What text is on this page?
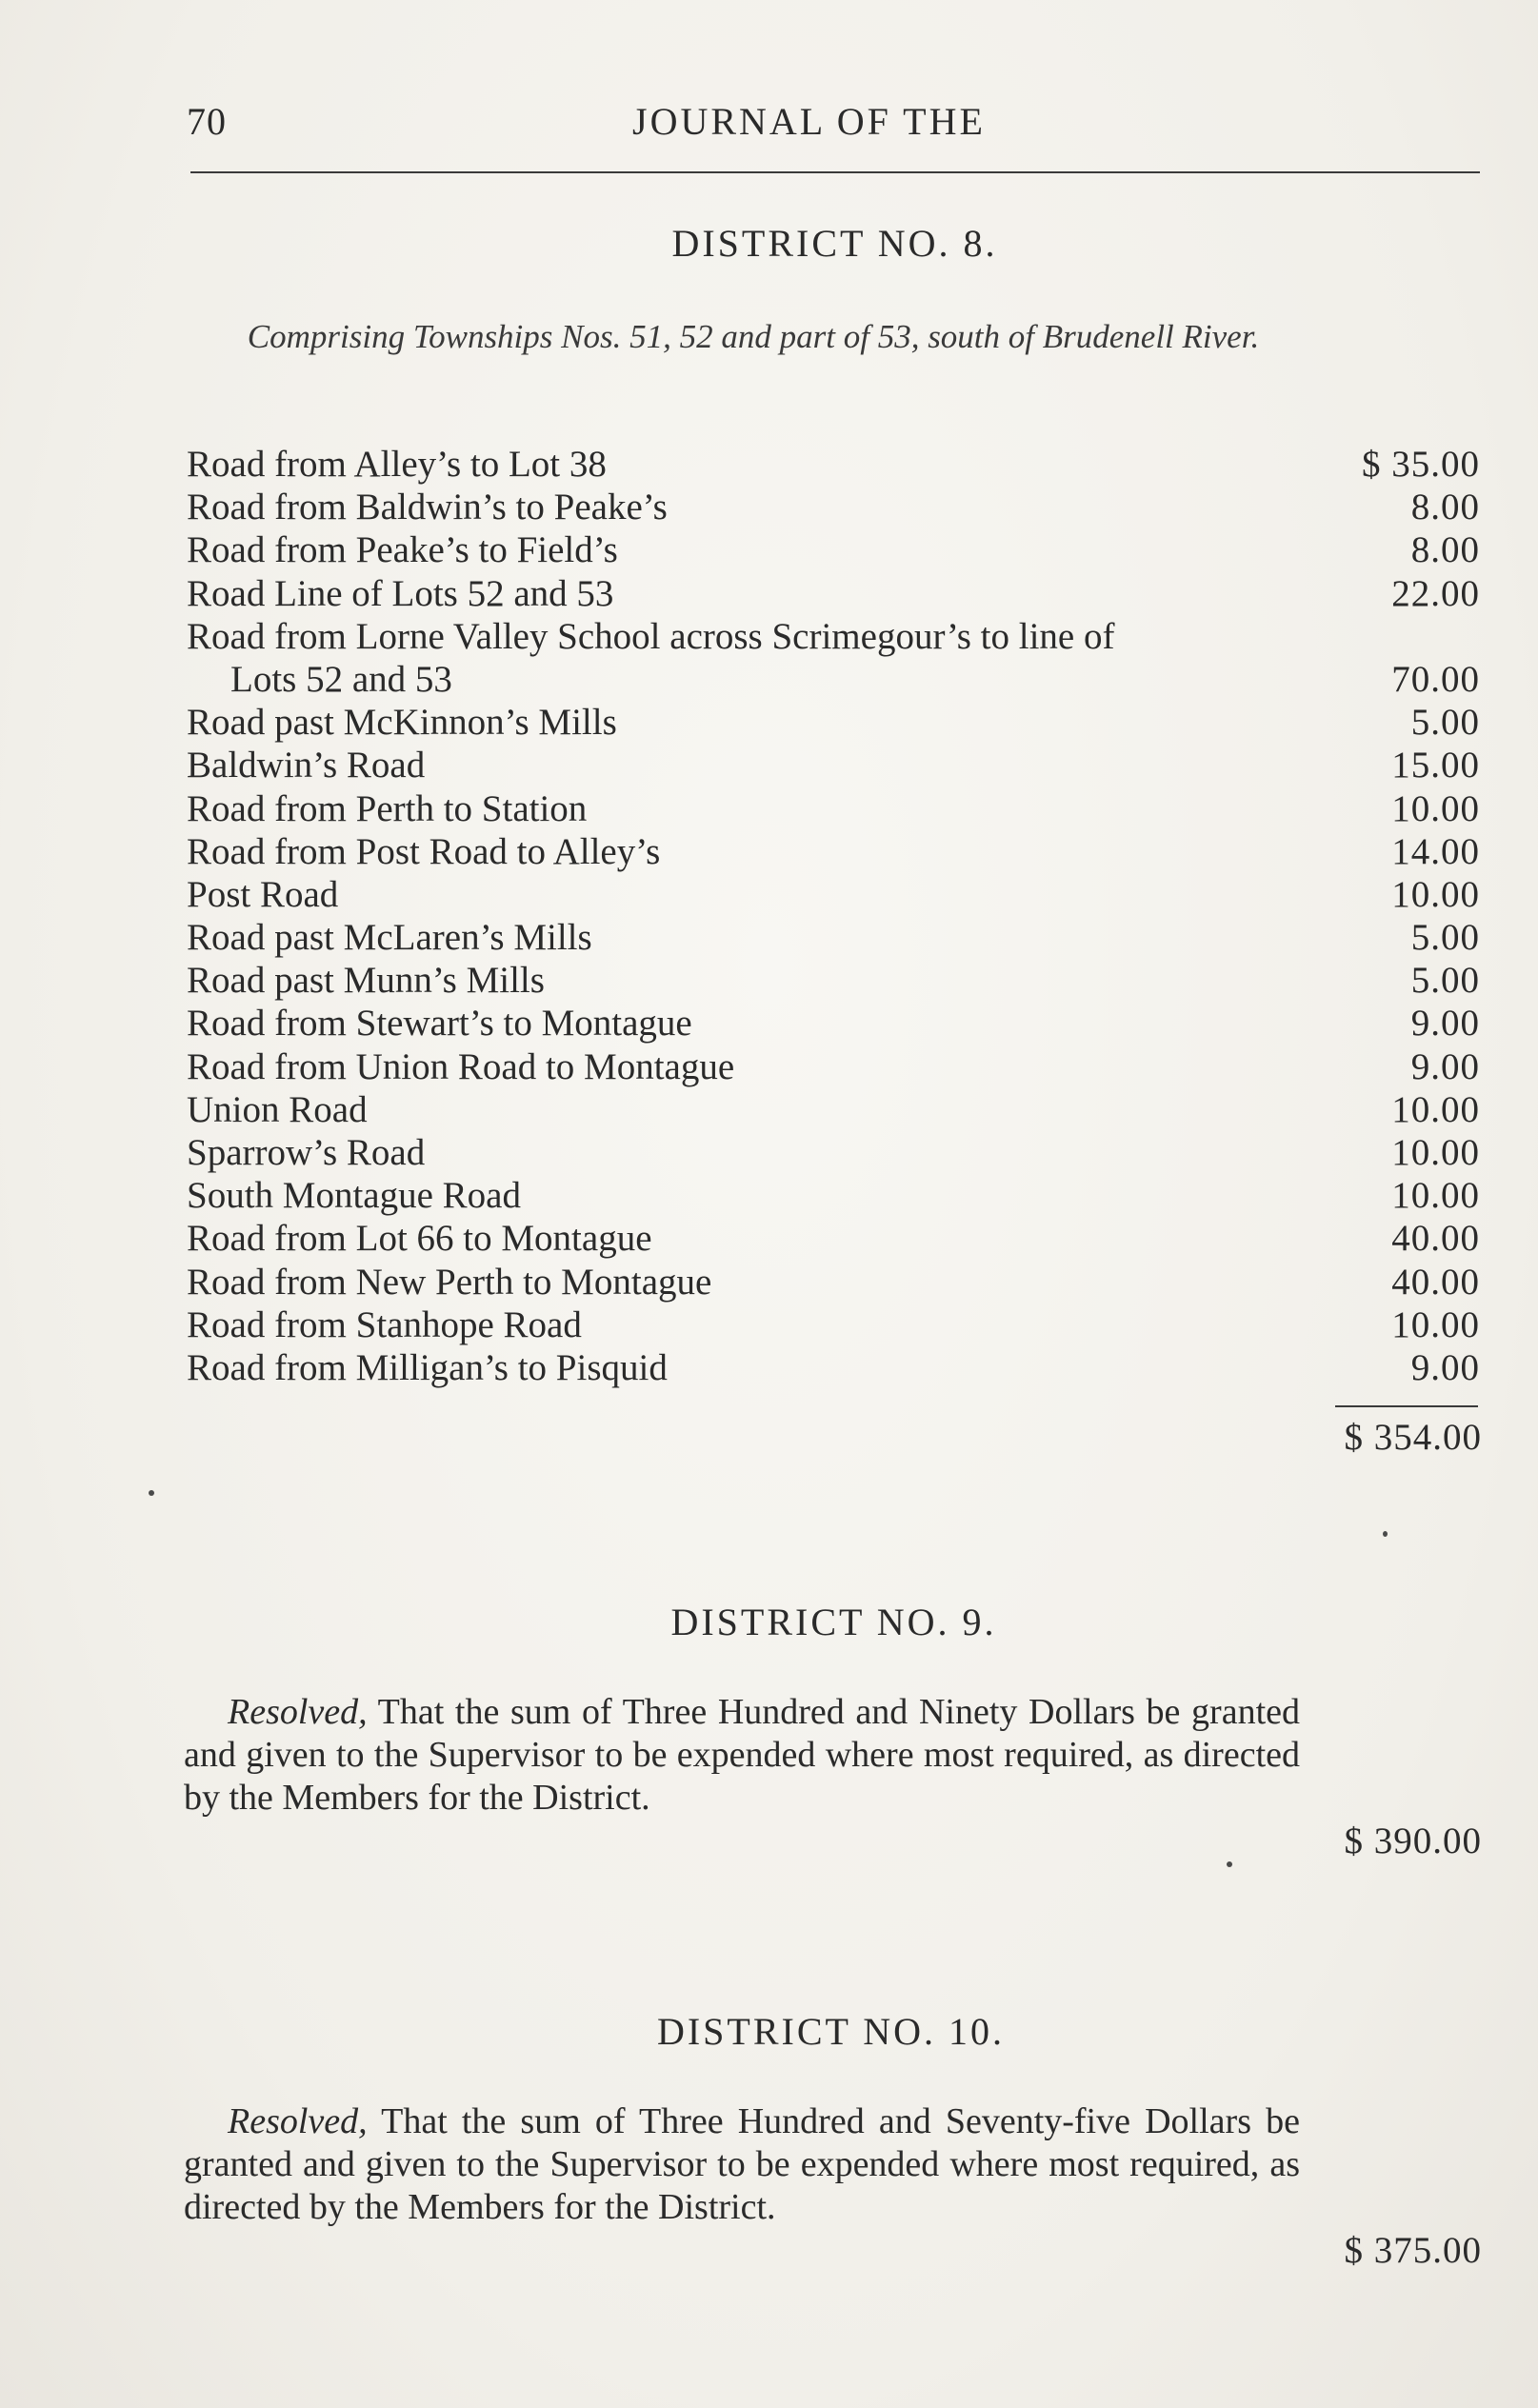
70	JOURNAL OF THE
DISTRICT NO. 8.
Comprising Townships Nos. 51, 52 and part of 53, south of Brudenell River.
Road from Alley’s to Lot 38	$ 35.00
Road from Baldwin’s to Peake’s	8.00
Road from Peake’s to Field’s	8.00
Road Line of Lots 52 and 53	22.00
Road from Lorne Valley School across Scrimegour’s to line of
Lots 52 and 53	70.00
Road past McKinnon’s Mills	5.00
Baldwin’s Road	15.00
Road from Perth to Station	10.00
Road from Post Road to Alley’s	14.00
Post Road	10.00
Road past McLaren’s Mills	5.00
Road past Munn’s Mills	5.00
Road from Stewart’s to Montague	9.00
Road from Union Road to Montague	9.00
Union Road	10.00
Sparrow’s Road	10.00
South Montague Road	10.00
Road from Lot 66 to Montague	40.00
Road from New Perth to Montague	40.00
Road from Stanhope Road	10.00
Road from Milligan’s to Pisquid	9.00
$ 354.00
DISTRICT NO. 9.

Resolved, That the sum of Three Hundred and Ninety Dollars be granted and given to the Supervisor to be expended where most required, as directed by the Members for the District.

$ 390.00
DISTRICT NO. 10.

Resolved, That the sum of Three Hundred and Seventy-five Dollars be granted and given to the Supervisor to be expended where most required, as directed by the Members for the District.

$ 375.00
